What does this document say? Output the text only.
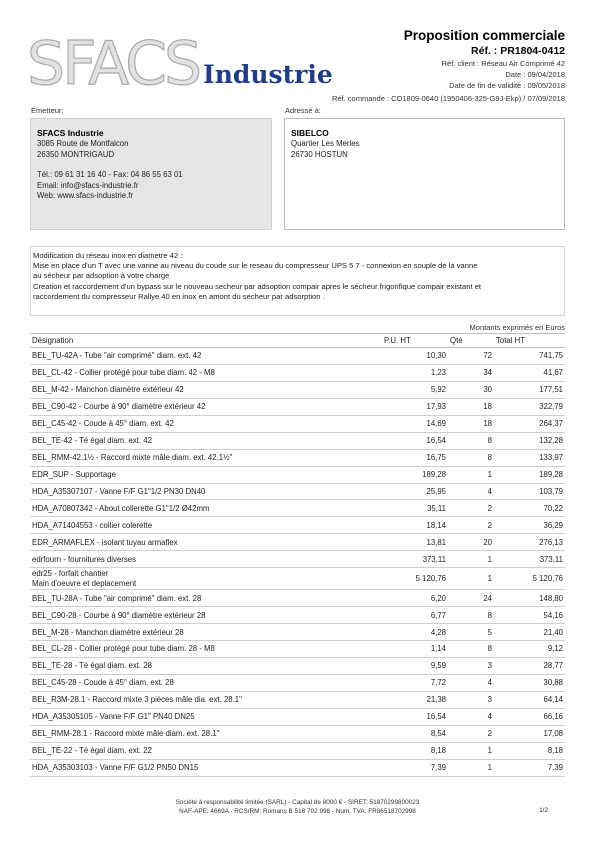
SFACS Industrie
Proposition commerciale
Réf. : PR1804-0412
Réf. client : Réseau Air Comprimé 42
Date : 09/04/2018
Date de fin de validité : 09/05/2018
Réf. commande : CO1809-0640 (1950406-325-G9J-Ekp) / 07/09/2018
Émetteur:	Adressé à:
SFACS Industrie
3085 Route de Montfalcon
26350 MONTRIGAUD
Tél.: 09 61 31 16 40 - Fax: 04 86 55 63 01
Email: info@sfacs-industrie.fr
Web: www.sfacs-industrie.fr
SIBELCO
Quartier Les Merles
26730 HOSTUN
Modification du réseau inox en diametre 42 :
Mise en place d'un T avec une vanne au niveau du coude sur le reseau du compresseur UPS 5 7 - connexion en souple de la vanne
au sécheur par adsoption à votre charge
Creation et raccordement d'un bypass sur le nouveau secheur par adsoption compair apres le sécheur frigorifique compair existant et
raccordement du compresseur Rallye 40 en inox en amont du secheur par adsorption .
Montants exprimés en Euros
Désignation	P.U. HT	Qté	Total HT

BEL_TU-42A - Tube "air comprimé" diam. ext. 42	10,30	72	741,75

BEL_CL-42 - Collier protégé pour tube diam. 42 - M8	1,23	34	41,67

BEL_M-42 - Manchon diamètre extérieur 42	5,92	30	177,51

BEL_C90-42 - Courbe à 90° diamètre extérieur 42	17,93	18	322,79

BEL_C45-42 - Coude à 45° diam. ext. 42	14,69	18	264,37

BEL_TE-42 - Té égal diam. ext. 42	16,54	8	132,28

BEL_RMM-42.1½ - Raccord mixte mâle diam. ext. 42.1½"	16,75	8	133,97

EDR_SUP - Supportage	189,28	1	189,28

HDA_A35307107 - Vanne F/F G1"1/2 PN30 DN40	25,95	4	103,79

HDA_A70807342 - About collerette G1"1/2 Ø42mm	35,11	2	70,22

HDA_A71404553 - collier colerette	18,14	2	36,29

EDR_ARMAFLEX - isolant tuyau armaflex	13,81	20	276,13

edrfourn - fournitures diverses	373,11	1	373,11

edr25 - forfait chantier
Main d'oeuvre et deplacement	5 120,76	1	5 120,76

BEL_TU-28A - Tube "air comprimé" diam. ext. 28	6,20	24	148,80

BEL_C90-28 - Courbe à 90° diamètre extérieur 28	6,77	8	54,16

BEL_M-28 - Manchon diamètre extérieur 28	4,28	5	21,40

BEL_CL-28 - Collier protégé pour tube diam. 28 - M8	1,14	8	9,12

BEL_TE-28 - Té égal diam. ext. 28	9,59	3	28,77

BEL_C45-28 - Coude à 45° diam. ext. 28	7,72	4	30,88

BEL_R3M-28.1 - Raccord mixte 3 pièces mâle dia. ext. 28.1"	21,38	3	64,14

HDA_A35305105 - Vanne F/F G1" PN40 DN25	16,54	4	66,16

BEL_RMM-28.1 - Raccord mixte mâle diam. ext. 28.1"	8,54	2	17,08

BEL_TE-22 - Té égal diam. ext. 22	8,18	1	8,18

HDA_A35303103 - Vanne F/F G1/2 PN50 DN15	7,39	1	7,39
Société à responsabilité limitée (SARL) - Capital de 8000 € - SIRET: 51870299800023
NAF-APE: 4669A - RCS/RM: Romans B 518 702 998 - Num. TVA: FR86518702998	1/2
